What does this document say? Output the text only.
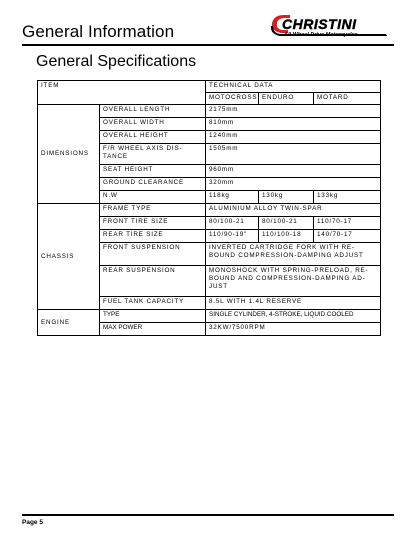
General Information	CHRISTINI
All Wheel Drive Motorcycles
General Specifications
ITEM		TECHNICAL DATA		
		MOTOCROSS	ENDURO	MOTARD
DIMENSIONS	OVERALL LENGTH	2175mm		
	OVERALL WIDTH	810mm		
	OVERALL HEIGHT	1240mm		
	F/R WHEEL AXIS DIS-TANCE	1505mm		
	SEAT HEIGHT	960mm		
	GROUND CLEARANCE	320mm		
	N.W	118kg	130kg	133kg
CHASSIS	FRAME TYPE	ALUMINIUM ALLOY TWIN-SPAR		
	FRONT TIRE SIZE	80/100-21	80/100-21	110/70-17
	REAR TIRE SIZE	110/90-19"	110/100-18	140/70-17
	FRONT SUSPENSION	INVERTED CARTRIDGE FORK WITH RE-BOUND COMPRESSION-DAMPING ADJUST		
	REAR SUSPENSION	MONOSHOCK WITH SPRING-PRELOAD, RE-BOUND AND COMPRESSION-DAMPING AD-JUST		
	FUEL TANK CAPACITY	8.5L WITH 1.4L RESERVE		
ENGINE	TYPE	SINGLE CYLINDER, 4-STROKE, LIQUID COOLED		
	MAX POWER	32KW/7500RPM		
Page 5
